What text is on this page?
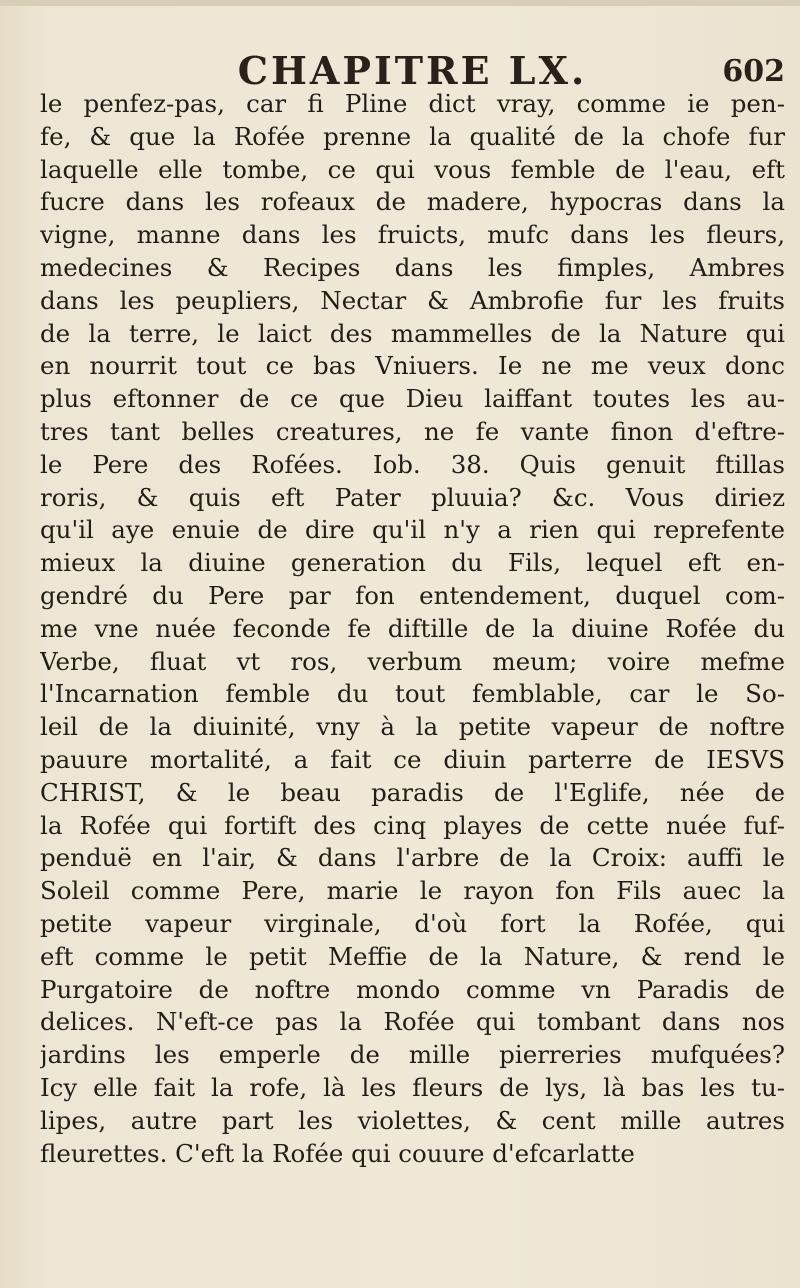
CHAPITRE LX.	602
le penfez-pas, car fi Pline dict vray, comme ie pen-
fe, & que la Rofée prenne la qualité de la chofe fur
laquelle elle tombe, ce qui vous femble de l'eau, eft
fucre dans les rofeaux de madere, hypocras dans la
vigne, manne dans les fruicts, mufc dans les fleurs,
medecines & Recipes dans les fimples, Ambres
dans les peupliers, Nectar & Ambrofie fur les fruits
de la terre, le laict des mammelles de la Nature qui
en nourrit tout ce bas Vniuers. Ie ne me veux donc
plus eftonner de ce que Dieu laiffant toutes les au-
tres tant belles creatures, ne fe vante finon d'eftre-
le Pere des Rofées. Iob. 38. Quis genuit ftillas
roris, & quis eft Pater pluuia? &c. Vous diriez
qu'il aye enuie de dire qu'il n'y a rien qui reprefente
mieux la diuine generation du Fils, lequel eft en-
gendré du Pere par fon entendement, duquel com-
me vne nuée feconde fe diftille de la diuine Rofée du
Verbe, fluat vt ros, verbum meum; voire mefme
l'Incarnation femble du tout femblable, car le So-
leil de la diuinité, vny à la petite vapeur de noftre
pauure mortalité, a fait ce diuin parterre de IESVS
CHRIST, & le beau paradis de l'Eglife, née de
la Rofée qui fortift des cinq playes de cette nuée fuf-
penduë en l'air, & dans l'arbre de la Croix: auffi le
Soleil comme Pere, marie le rayon fon Fils auec la
petite vapeur virginale, d'où fort la Rofée, qui
eft comme le petit Meffie de la Nature, & rend le
Purgatoire de noftre mondo comme vn Paradis de
delices. N'eft-ce pas la Rofée qui tombant dans nos
jardins les emperle de mille pierreries mufquées?
Icy elle fait la rofe, là les fleurs de lys, là bas les tu-
lipes, autre part les violettes, & cent mille autres
fleurettes. C'eft la Rofée qui couure d'efcarlatte
